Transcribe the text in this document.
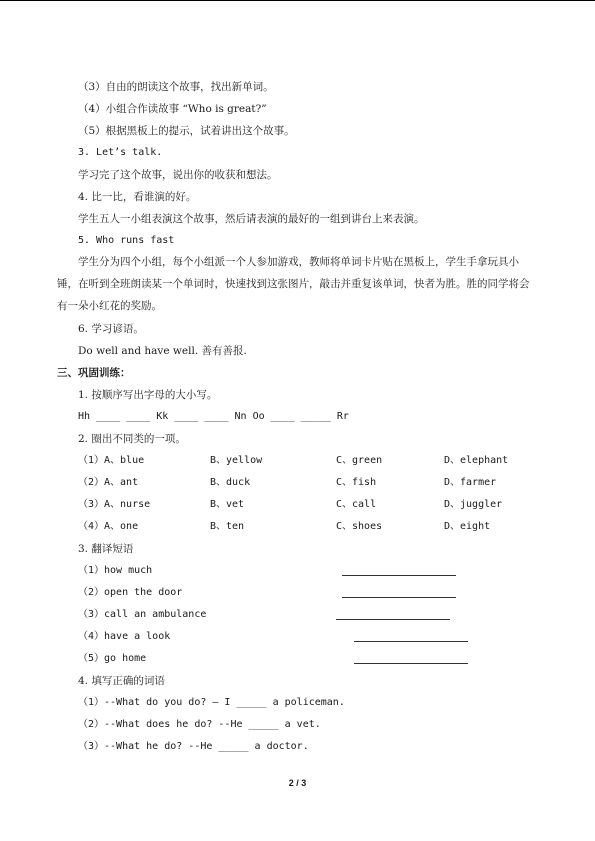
（3）自由的朗读这个故事，找出新单词。
（4）小组合作读故事 “Who is great?”
（5）根据黑板上的提示，试着讲出这个故事。
3. Let’s talk.
学习完了这个故事，说出你的收获和想法。
4. 比一比，看谁演的好。
学生五人一小组表演这个故事，然后请表演的最好的一组到讲台上来表演。
5. Who runs fast
学生分为四个小组，每个小组派一个人参加游戏，教师将单词卡片贴在黑板上，学生手拿玩具小锤，在听到全班朗读某一个单词时，快速找到这张图片，敲击并重复该单词，快者为胜。胜的同学将会有一朵小红花的奖励。
6. 学习谚语。
Do well and have well. 善有善报.
三、巩固训练：
1. 按顺序写出字母的大小写。
Hh ____ ____ Kk ____ ____ Nn Oo ____ _____ Rr
2. 圈出不同类的一项。
（1）A、blue	B、yellow	C、green	D、elephant
（2）A、ant	B、duck	C、fish	D、farmer
（3）A、nurse	B、vet	C、call	D、juggler
（4）A、one	B、ten	C、shoes	D、eight
3. 翻译短语
（1）how much
（2）open the door
（3）call an ambulance
（4）have a look
（5）go home
4. 填写正确的词语
（1）--What do you do? – I _____ a policeman.
（2）--What does he do? --He _____ a vet.
（3）--What he do? --He _____ a doctor.
2 / 3
